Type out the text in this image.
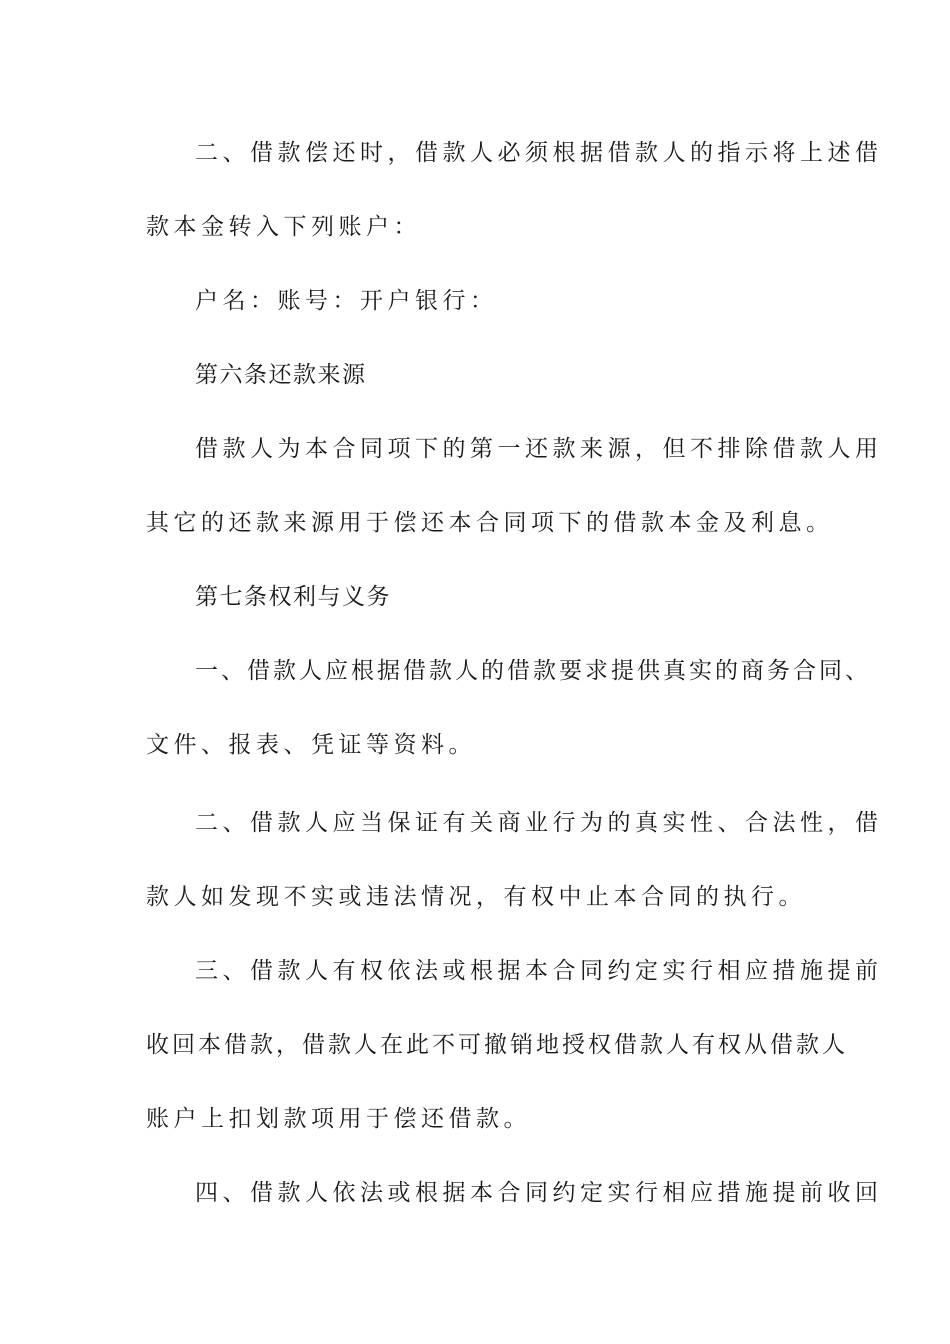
二、借款偿还时，借款人必须根据借款人的指示将上述借
款本金转入下列账户：
户名：账号：开户银行：
第六条还款来源
借款人为本合同项下的第一还款来源，但不排除借款人用
其它的还款来源用于偿还本合同项下的借款本金及利息。
第七条权利与义务
一、借款人应根据借款人的借款要求提供真实的商务合同、
文件、报表、凭证等资料。
二、借款人应当保证有关商业行为的真实性、合法性，借
款人如发现不实或违法情况，有权中止本合同的执行。
三、借款人有权依法或根据本合同约定实行相应措施提前
收回本借款，借款人在此不可撤销地授权借款人有权从借款人
账户上扣划款项用于偿还借款。
四、借款人依法或根据本合同约定实行相应措施提前收回
